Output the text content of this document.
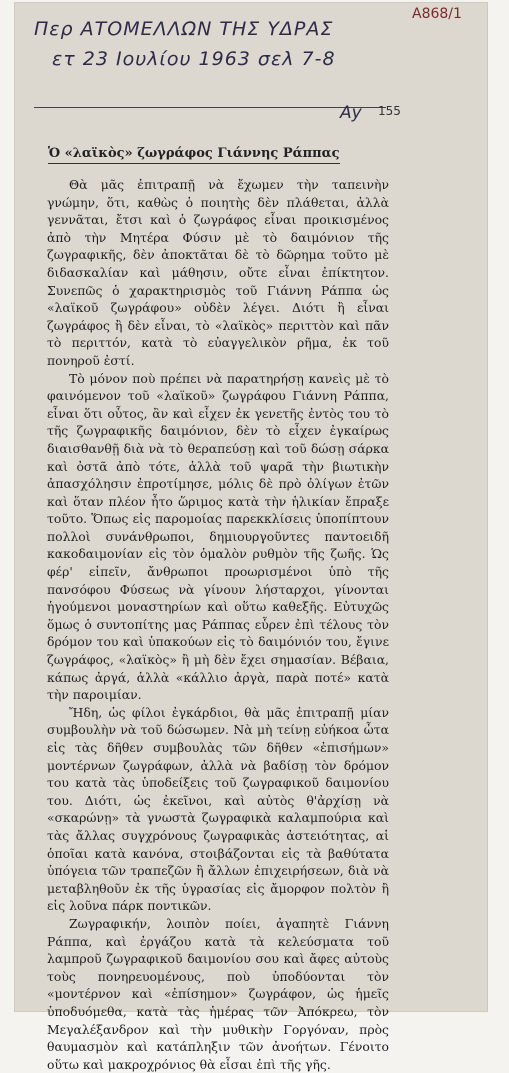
Περ ΑΤΟΜΕΛΛΩΝ ΤΗΣ ΥΔΡΑΣ
ετ 23 Ιουλίου 1963 σελ 7-8
Α868/1
Ay 155
Ὁ «λαϊκὸς» ζωγράφος Γιάννης Ράππας

Θὰ μᾶς ἐπιτραπῇ νὰ ἔχωμεν τὴν ταπεινὴν γνώμην, ὅτι, καθὼς ὁ ποιητὴς δὲν πλάθεται, ἀλλὰ γεννᾶται, ἔτσι καὶ ὁ ζωγράφος εἶναι προικισμένος ἀπὸ τὴν Μητέρα Φύσιν μὲ τὸ δαιμόνιον τῆς ζωγραφικῆς, δὲν ἀποκτᾶται δὲ τὸ δῶρημα τοῦτο μὲ διδασκαλίαν καὶ μάθησιν, οὔτε εἶναι ἐπίκτητον. Συνεπῶς ὁ χαρακτηρισμὸς τοῦ Γιάννη Ράππα ὡς «λαϊκοῦ ζωγράφου» οὐδὲν λέγει. Διότι ἢ εἶναι ζωγράφος ἢ δὲν εἶναι, τὸ «λαϊκὸς» περιττὸν καὶ πᾶν τὸ περιττόν, κατὰ τὸ εὐαγγελικὸν ρῆμα, ἐκ τοῦ πονηροῦ ἐστί.

Τὸ μόνον ποὺ πρέπει νὰ παρατηρήσῃ κανεὶς μὲ τὸ φαινόμενον τοῦ «λαϊκοῦ» ζωγράφου Γιάννη Ράππα, εἶναι ὅτι οὗτος, ἂν καὶ εἶχεν ἐκ γενετῆς ἐντὸς του τὸ τῆς ζωγραφικῆς δαιμόνιον, δὲν τὸ εἶχεν ἐγκαίρως διαισθανθῇ διὰ νὰ τὸ θεραπεύσῃ καὶ τοῦ δώσῃ σάρκα καὶ ὀστᾶ ἀπὸ τότε, ἀλλὰ τοῦ ψαρᾶ τὴν βιωτικὴν ἀπασχόλησιν ἐπροτίμησε, μόλις δὲ πρὸ ὀλίγων ἐτῶν καὶ ὅταν πλέον ἦτο ὥριμος κατὰ τὴν ἡλικίαν ἔπραξε τοῦτο. Ὅπως εἰς παρομοίας παρεκκλίσεις ὑποπίπτουν πολλοὶ συνάνθρωποι, δημιουργοῦντες παντοειδῆ κακοδαιμονίαν εἰς τὸν ὁμαλὸν ρυθμὸν τῆς ζωῆς. Ὡς φέρ' εἰπεῖν, ἄνθρωποι προωρισμένοι ὑπὸ τῆς πανσόφου Φύσεως νὰ γίνουν λήσταρχοι, γίνονται ἡγούμενοι μοναστηρίων καὶ οὕτω καθεξῆς. Εὐτυχῶς ὅμως ὁ συντοπίτης μας Ράππας εὗρεν ἐπὶ τέλους τὸν δρόμον του καὶ ὑπακούων εἰς τὸ δαιμόνιόν του, ἔγινε ζωγράφος, «λαϊκὸς» ἢ μὴ δὲν ἔχει σημασίαν. Βέβαια, κάπως ἀργά, ἀλλὰ «κάλλιο ἀργὰ, παρὰ ποτέ» κατὰ τὴν παροιμίαν.

Ἤδη, ὡς φίλοι ἐγκάρδιοι, θὰ μᾶς ἐπιτραπῇ μίαν συμβουλὴν νὰ τοῦ δώσωμεν. Νὰ μὴ τείνῃ εὐήκοα ὦτα εἰς τὰς δῆθεν συμβουλὰς τῶν δῆθεν «ἐπισήμων» μοντέρνων ζωγράφων, ἀλλὰ νὰ βαδίσῃ τὸν δρόμον του κατὰ τὰς ὑποδείξεις τοῦ ζωγραφικοῦ δαιμονίου του. Διότι, ὡς ἐκεῖνοι, καὶ αὐτὸς θ'ἀρχίσῃ νὰ «σκαρώνῃ» τὰ γνωστὰ ζωγραφικὰ καλαμπούρια καὶ τὰς ἄλλας συγχρόνους ζωγραφικὰς ἀστειότητας, αἱ ὁποῖαι κατὰ κανόνα, στοιβάζονται εἰς τὰ βαθύτατα ὑπόγεια τῶν τραπεζῶν ἢ ἄλλων ἐπιχειρήσεων, διὰ νὰ μεταβληθοῦν ἐκ τῆς ὑγρασίας εἰς ἄμορφον πολτὸν ἢ εἰς λοῦνα πάρκ ποντικῶν.

Ζωγραφικήν, λοιπὸν ποίει, ἀγαπητὲ Γιάννη Ράππα, καὶ ἐργάζου κατὰ τὰ κελεύσματα τοῦ λαμπροῦ ζωγραφικοῦ δαιμονίου σου καὶ ἄφες αὐτοὺς τοὺς πονηρευομένους, ποὺ ὑποδύονται τὸν «μοντέρνον καὶ «ἐπίσημον» ζωγράφον, ὡς ἡμεῖς ὑποδυόμεθα, κατὰ τὰς ἡμέρας τῶν Ἀπόκρεω, τὸν Μεγαλέξανδρον καὶ τὴν μυθικὴν Γοργόναν, πρὸς θαυμασμὸν καὶ κατάπληξιν τῶν ἀνοήτων. Γένοιτο οὕτω καὶ μακροχρόνιος θὰ εἶσαι ἐπὶ τῆς γῆς.
